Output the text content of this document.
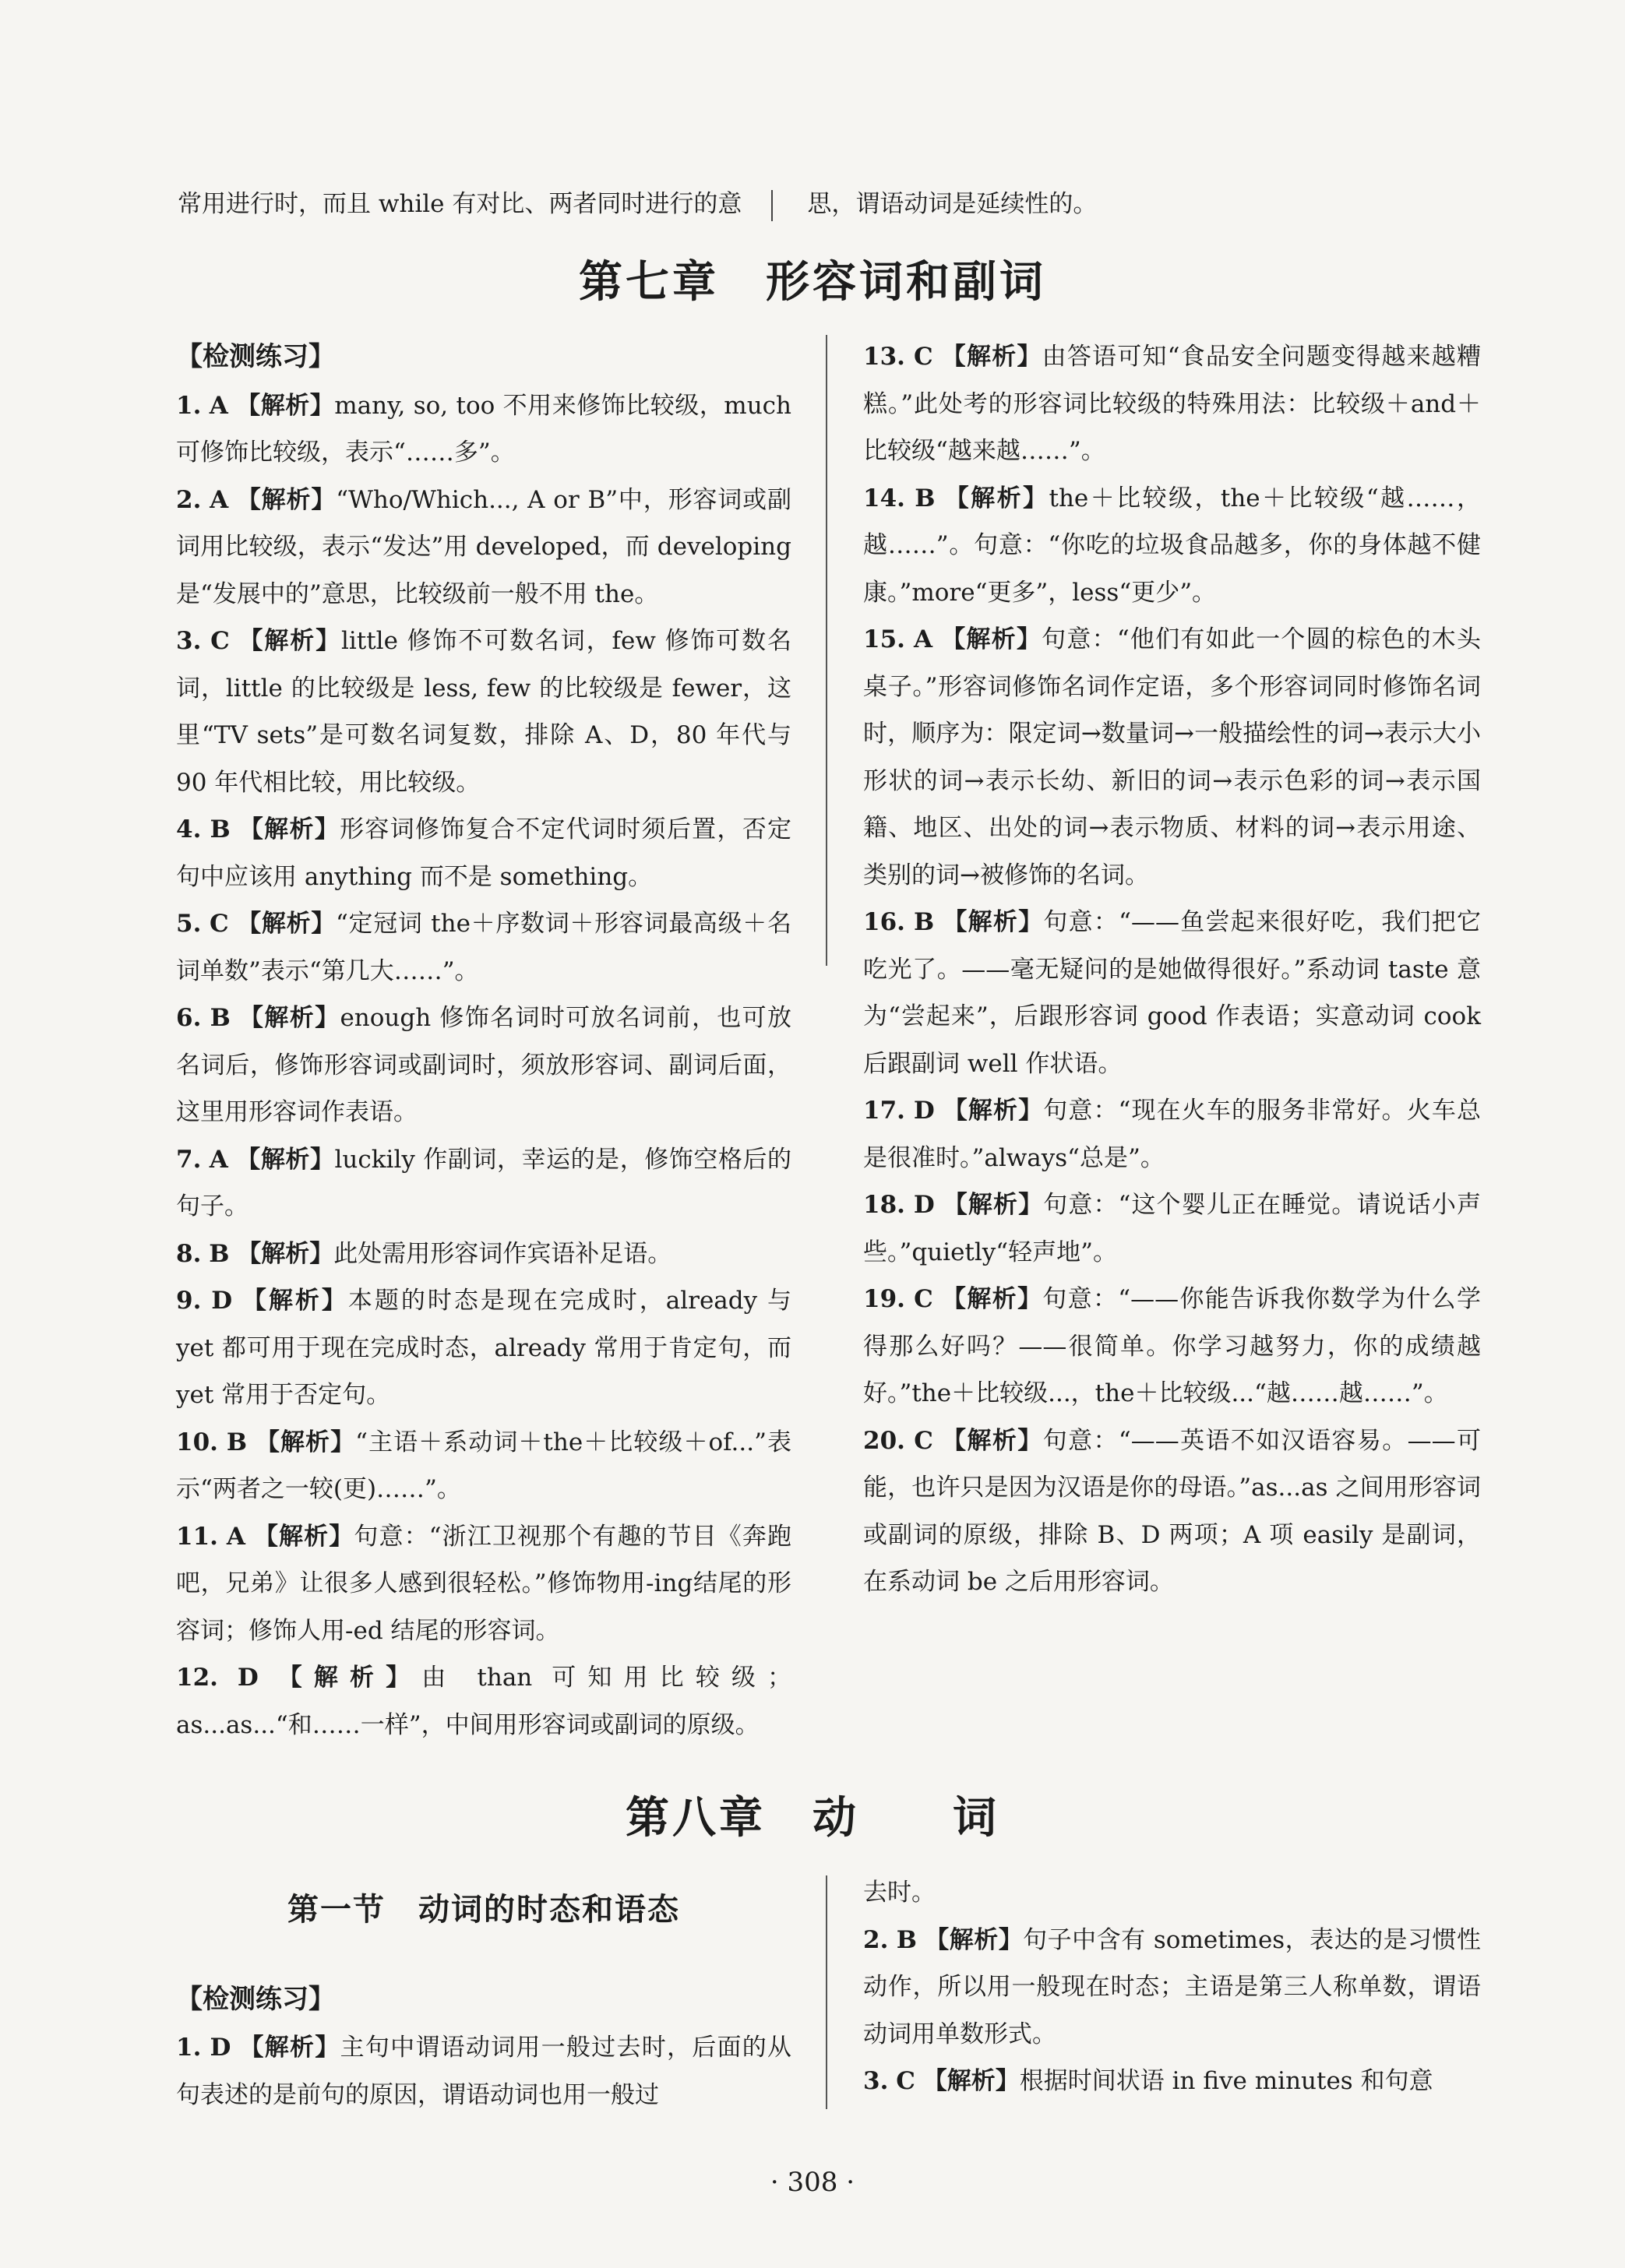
常用进行时，而且 while 有对比、两者同时进行的意	思，谓语动词是延续性的。
第七章　形容词和副词
【检测练习】
1. A 【解析】many, so, too 不用来修饰比较级，much 可修饰比较级，表示“……多”。
2. A 【解析】“Who/Which..., A or B”中，形容词或副词用比较级，表示“发达”用 developed，而 developing 是“发展中的”意思，比较级前一般不用 the。
3. C 【解析】little 修饰不可数名词，few 修饰可数名词，little 的比较级是 less, few 的比较级是 fewer，这里“TV sets”是可数名词复数，排除 A、D，80 年代与 90 年代相比较，用比较级。
4. B 【解析】形容词修饰复合不定代词时须后置，否定句中应该用 anything 而不是 something。
5. C 【解析】“定冠词 the＋序数词＋形容词最高级＋名词单数”表示“第几大……”。
6. B 【解析】enough 修饰名词时可放名词前，也可放名词后，修饰形容词或副词时，须放形容词、副词后面，这里用形容词作表语。
7. A 【解析】luckily 作副词，幸运的是，修饰空格后的句子。
8. B 【解析】此处需用形容词作宾语补足语。
9. D 【解析】本题的时态是现在完成时，already 与 yet 都可用于现在完成时态，already 常用于肯定句，而 yet 常用于否定句。
10. B 【解析】“主语＋系动词＋the＋比较级＋of...”表示“两者之一较(更)……”。
11. A 【解析】句意：“浙江卫视那个有趣的节目《奔跑吧，兄弟》让很多人感到很轻松。”修饰物用-ing结尾的形容词；修饰人用-ed 结尾的形容词。
12. D 【解析】由 than 可知用比较级；as...as...“和……一样”，中间用形容词或副词的原级。
13. C 【解析】由答语可知“食品安全问题变得越来越糟糕。”此处考的形容词比较级的特殊用法：比较级＋and＋比较级“越来越……”。
14. B 【解析】the＋比较级，the＋比较级“越……，越……”。句意：“你吃的垃圾食品越多，你的身体越不健康。”more“更多”，less“更少”。
15. A 【解析】句意：“他们有如此一个圆的棕色的木头桌子。”形容词修饰名词作定语，多个形容词同时修饰名词时，顺序为：限定词→数量词→一般描绘性的词→表示大小形状的词→表示长幼、新旧的词→表示色彩的词→表示国籍、地区、出处的词→表示物质、材料的词→表示用途、类别的词→被修饰的名词。
16. B 【解析】句意：“——鱼尝起来很好吃，我们把它吃光了。——毫无疑问的是她做得很好。”系动词 taste 意为“尝起来”，后跟形容词 good 作表语；实意动词 cook 后跟副词 well 作状语。
17. D 【解析】句意：“现在火车的服务非常好。火车总是很准时。”always“总是”。
18. D 【解析】句意：“这个婴儿正在睡觉。请说话小声些。”quietly“轻声地”。
19. C 【解析】句意：“——你能告诉我你数学为什么学得那么好吗？——很简单。你学习越努力，你的成绩越好。”the＋比较级...，the＋比较级...“越……越……”。
20. C 【解析】句意：“——英语不如汉语容易。——可能，也许只是因为汉语是你的母语。”as...as 之间用形容词或副词的原级，排除 B、D 两项；A 项 easily 是副词，在系动词 be 之后用形容词。
第八章　动　　词
第一节　动词的时态和语态
【检测练习】
1. D 【解析】主句中谓语动词用一般过去时，后面的从句表述的是前句的原因，谓语动词也用一般过
去时。
2. B 【解析】句子中含有 sometimes，表达的是习惯性动作，所以用一般现在时态；主语是第三人称单数，谓语动词用单数形式。
3. C 【解析】根据时间状语 in five minutes 和句意
· 308 ·
